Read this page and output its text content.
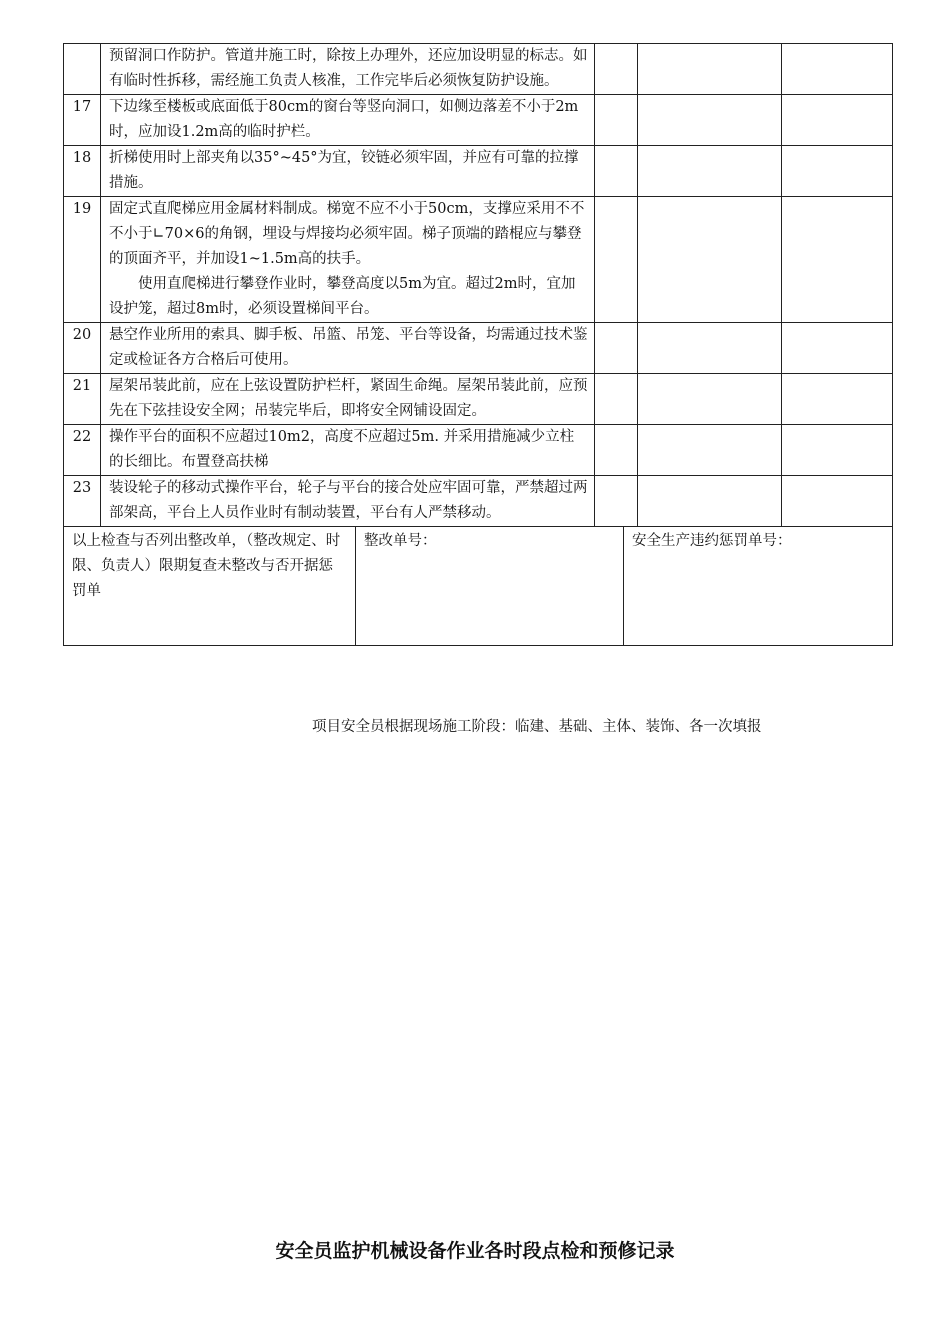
	预留洞口作防护。管道井施工时，除按上办理外，还应加设明显的标志。如有临时性拆移，需经施工负责人核准，工作完毕后必须恢复防护设施。			

17	下边缘至楼板或底面低于80cm的窗台等竖向洞口，如侧边落差不小于2m时，应加设1.2m高的临时护栏。			

18	折梯使用时上部夹角以35°~45°为宜，铰链必须牢固，并应有可靠的拉撑措施。			

19	固定式直爬梯应用金属材料制成。梯宽不应不小于50cm，支撑应采用不不不小于∟70×6的角钢，埋设与焊接均必须牢固。梯子顶端的踏棍应与攀登的顶面齐平，并加设1~1.5m高的扶手。

使用直爬梯进行攀登作业时，攀登高度以5m为宜。超过2m时，宜加设护笼，超过8m时，必须设置梯间平台。			

20	悬空作业所用的索具、脚手板、吊篮、吊笼、平台等设备，均需通过技术鉴定或检证各方合格后可使用。			

21	屋架吊装此前，应在上弦设置防护栏杆，紧固生命绳。屋架吊装此前，应预先在下弦挂设安全网；吊装完毕后，即将安全网铺设固定。			

22	操作平台的面积不应超过10m2，高度不应超过5m. 并采用措施减少立柱的长细比。布置登高扶梯			

23	装设轮子的移动式操作平台，轮子与平台的接合处应牢固可靠，严禁超过两部架高，平台上人员作业时有制动装置，平台有人严禁移动。			

以上检查与否列出整改单，（整改规定、时限、负责人）限期复查未整改与否开据惩罚单	整改单号：	安全生产违约惩罚单号：
项目安全员根据现场施工阶段：临建、基础、主体、装饰、各一次填报
安全员监护机械设备作业各时段点检和预修记录
